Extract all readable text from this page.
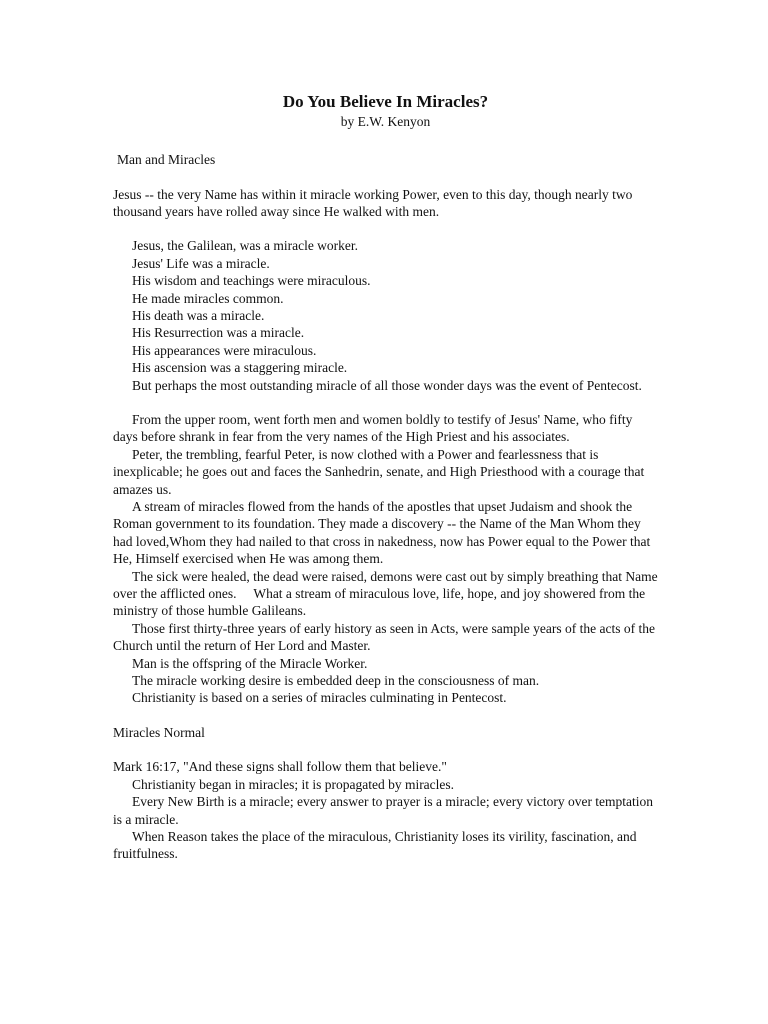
Do You Believe In Miracles?
by E.W. Kenyon
Man and Miracles

Jesus -- the very Name has within it miracle working Power, even to this day, though nearly two thousand years have rolled away since He walked with men.

Jesus, the Galilean, was a miracle worker.

Jesus' Life was a miracle.

His wisdom and teachings were miraculous.

He made miracles common.

His death was a miracle.

His Resurrection was a miracle.

His appearances were miraculous.

His ascension was a staggering miracle.

But perhaps the most outstanding miracle of all those wonder days was the event of Pentecost.

From the upper room, went forth men and women boldly to testify of Jesus' Name, who fifty days before shrank in fear from the very names of the High Priest and his associates.

Peter, the trembling, fearful Peter, is now clothed with a Power and fearlessness that is inexplicable; he goes out and faces the Sanhedrin, senate, and High Priesthood with a courage that amazes us.

A stream of miracles flowed from the hands of the apostles that upset Judaism and shook the Roman government to its foundation. They made a discovery -- the Name of the Man Whom they had loved,Whom they had nailed to that cross in nakedness, now has Power equal to the Power that He, Himself exercised when He was among them.

The sick were healed, the dead were raised, demons were cast out by simply breathing that Name over the afflicted ones.     What a stream of miraculous love, life, hope, and joy showered from the ministry of those humble Galileans.

Those first thirty-three years of early history as seen in Acts, were sample years of the acts of the Church until the return of Her Lord and Master.

Man is the offspring of the Miracle Worker.

The miracle working desire is embedded deep in the consciousness of man.

Christianity is based on a series of miracles culminating in Pentecost.

Miracles Normal

Mark 16:17, "And these signs shall follow them that believe."

Christianity began in miracles; it is propagated by miracles.

Every New Birth is a miracle; every answer to prayer is a miracle; every victory over temptation is a miracle.

When Reason takes the place of the miraculous, Christianity loses its virility, fascination, and fruitfulness.
